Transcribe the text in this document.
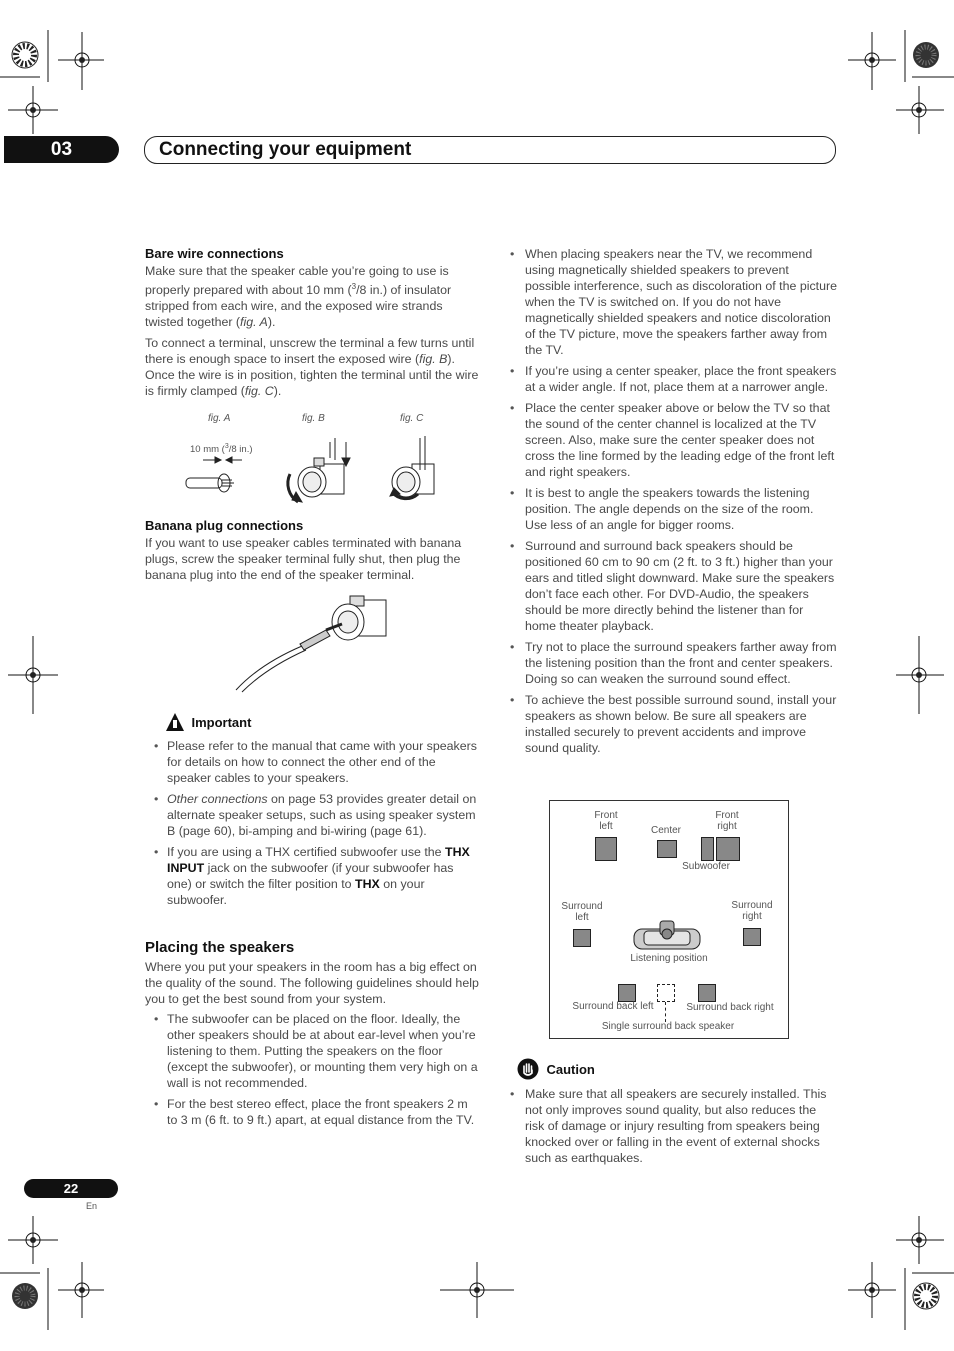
03	Connecting your equipment
Bare wire connections

Make sure that the speaker cable you’re going to use is properly prepared with about 10 mm ($^3$/8 in.) of insulator stripped from each wire, and the exposed wire strands twisted together (fig. A).

To connect a terminal, unscrew the terminal a few turns until there is enough space to insert the exposed wire (fig. B). Once the wire is in position, tighten the terminal until the wire is firmly clamped (fig. C).

fig. A	fig. B	fig. C
10 mm ($^3$/8 in.)
Banana plug connections

If you want to use speaker cables terminated with banana plugs, screw the speaker terminal fully shut, then plug the banana plug into the end of the speaker terminal.

Important

• Please refer to the manual that came with your speakers for details on how to connect the other end of the speaker cables to your speakers.

• Other connections on page 53 provides greater detail on alternate speaker setups, such as using speaker system B (page 60), bi-amping and bi-wiring (page 61).

• If you are using a THX certified subwoofer use the THX INPUT jack on the subwoofer (if your subwoofer has one) or switch the filter position to THX on your subwoofer.

Placing the speakers

Where you put your speakers in the room has a big effect on the quality of the sound. The following guidelines should help you to get the best sound from your system.

• The subwoofer can be placed on the floor. Ideally, the other speakers should be at about ear-level when you’re listening to them. Putting the speakers on the floor (except the subwoofer), or mounting them very high on a wall is not recommended.

• For the best stereo effect, place the front speakers 2 m to 3 m (6 ft. to 9 ft.) apart, at equal distance from the TV.

• When placing speakers near the TV, we recommend using magnetically shielded speakers to prevent possible interference, such as discoloration of the picture when the TV is switched on. If you do not have magnetically shielded speakers and notice discoloration of the TV picture, move the speakers farther away from the TV.

• If you’re using a center speaker, place the front speakers at a wider angle. If not, place them at a narrower angle.

• Place the center speaker above or below the TV so that the sound of the center channel is localized at the TV screen. Also, make sure the center speaker does not cross the line formed by the leading edge of the front left and right speakers.

• It is best to angle the speakers towards the listening position. The angle depends on the size of the room. Use less of an angle for bigger rooms.

• Surround and surround back speakers should be positioned 60 cm to 90 cm (2 ft. to 3 ft.) higher than your ears and titled slight downward. Make sure the speakers don’t face each other. For DVD-Audio, the speakers should be more directly behind the listener than for home theater playback.

• Try not to place the surround speakers farther away from the listening position than the front and center speakers. Doing so can weaken the surround sound effect.

• To achieve the best possible surround sound, install your speakers as shown below. Be sure all speakers are installed securely to prevent accidents and improve sound quality.

Front left	Center
Front right
Subwoofer
Surround left
Surround right
Listening position
Surround back left	Surround back right
Single surround back speaker
Caution

• Make sure that all speakers are securely installed. This not only improves sound quality, but also reduces the risk of damage or injury resulting from speakers being knocked over or falling in the event of external shocks such as earthquakes.

22
En
